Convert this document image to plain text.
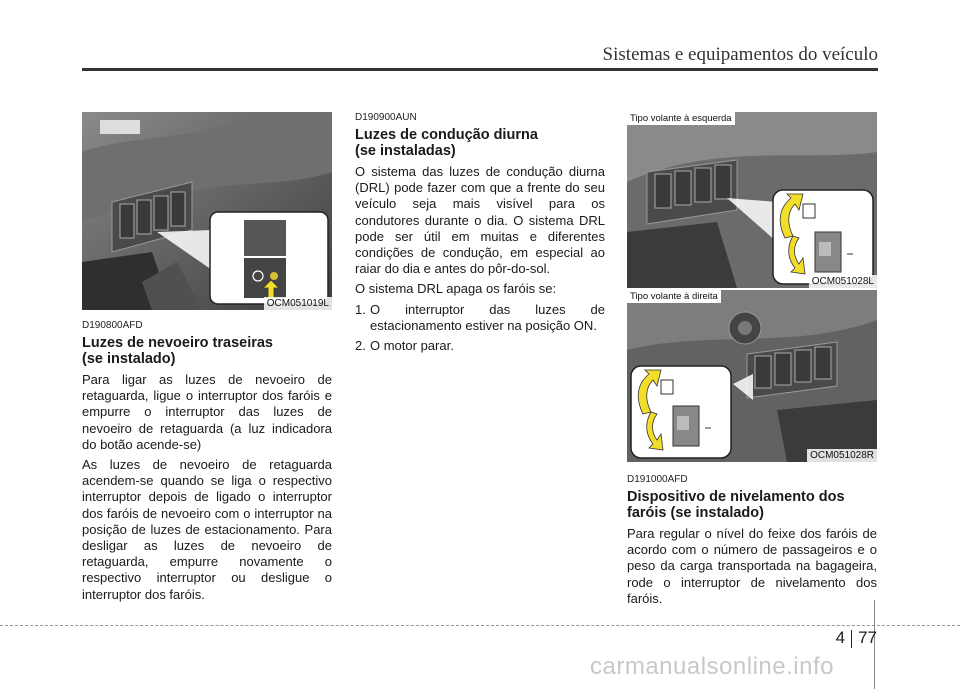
Sistemas e equipamentos do veículo
OCM051019L
D190800AFD
Luzes de nevoeiro traseiras
(se instalado)
Para ligar as luzes de nevoeiro de retaguarda, ligue o interruptor dos faróis e empurre o interruptor das luzes de nevoeiro de retaguarda (a luz indicadora do botão acende-se)
As luzes de nevoeiro de retaguarda acendem-se quando se liga o respectivo interruptor depois de ligado o interruptor dos faróis de nevoeiro com o interruptor na posição de luzes de estacionamento. Para desligar as luzes de nevoeiro de retaguarda, empurre novamente o respectivo interruptor ou desligue o interruptor dos faróis.
D190900AUN
Luzes de condução diurna
(se instaladas)
O sistema das luzes de condução diurna (DRL) pode fazer com que a frente do seu veículo seja mais visível para os condutores durante o dia. O sistema DRL pode ser útil em muitas e diferentes condições de condução, em especial ao raiar do dia e antes do pôr-do-sol.
O sistema DRL apaga os faróis se:
1. O interruptor das luzes de estacionamento estiver na posição ON.
2. O motor parar.
Tipo volante à esquerda
OCM051028L
Tipo volante à direita
OCM051028R
D191000AFD
Dispositivo de nivelamento dos
faróis (se instalado)
Para regular o nível do feixe dos faróis de acordo com o número de passageiros e o peso da carga transportada na bagageira, rode o interruptor de nivelamento dos faróis.
4 77
carmanualsonline.info
